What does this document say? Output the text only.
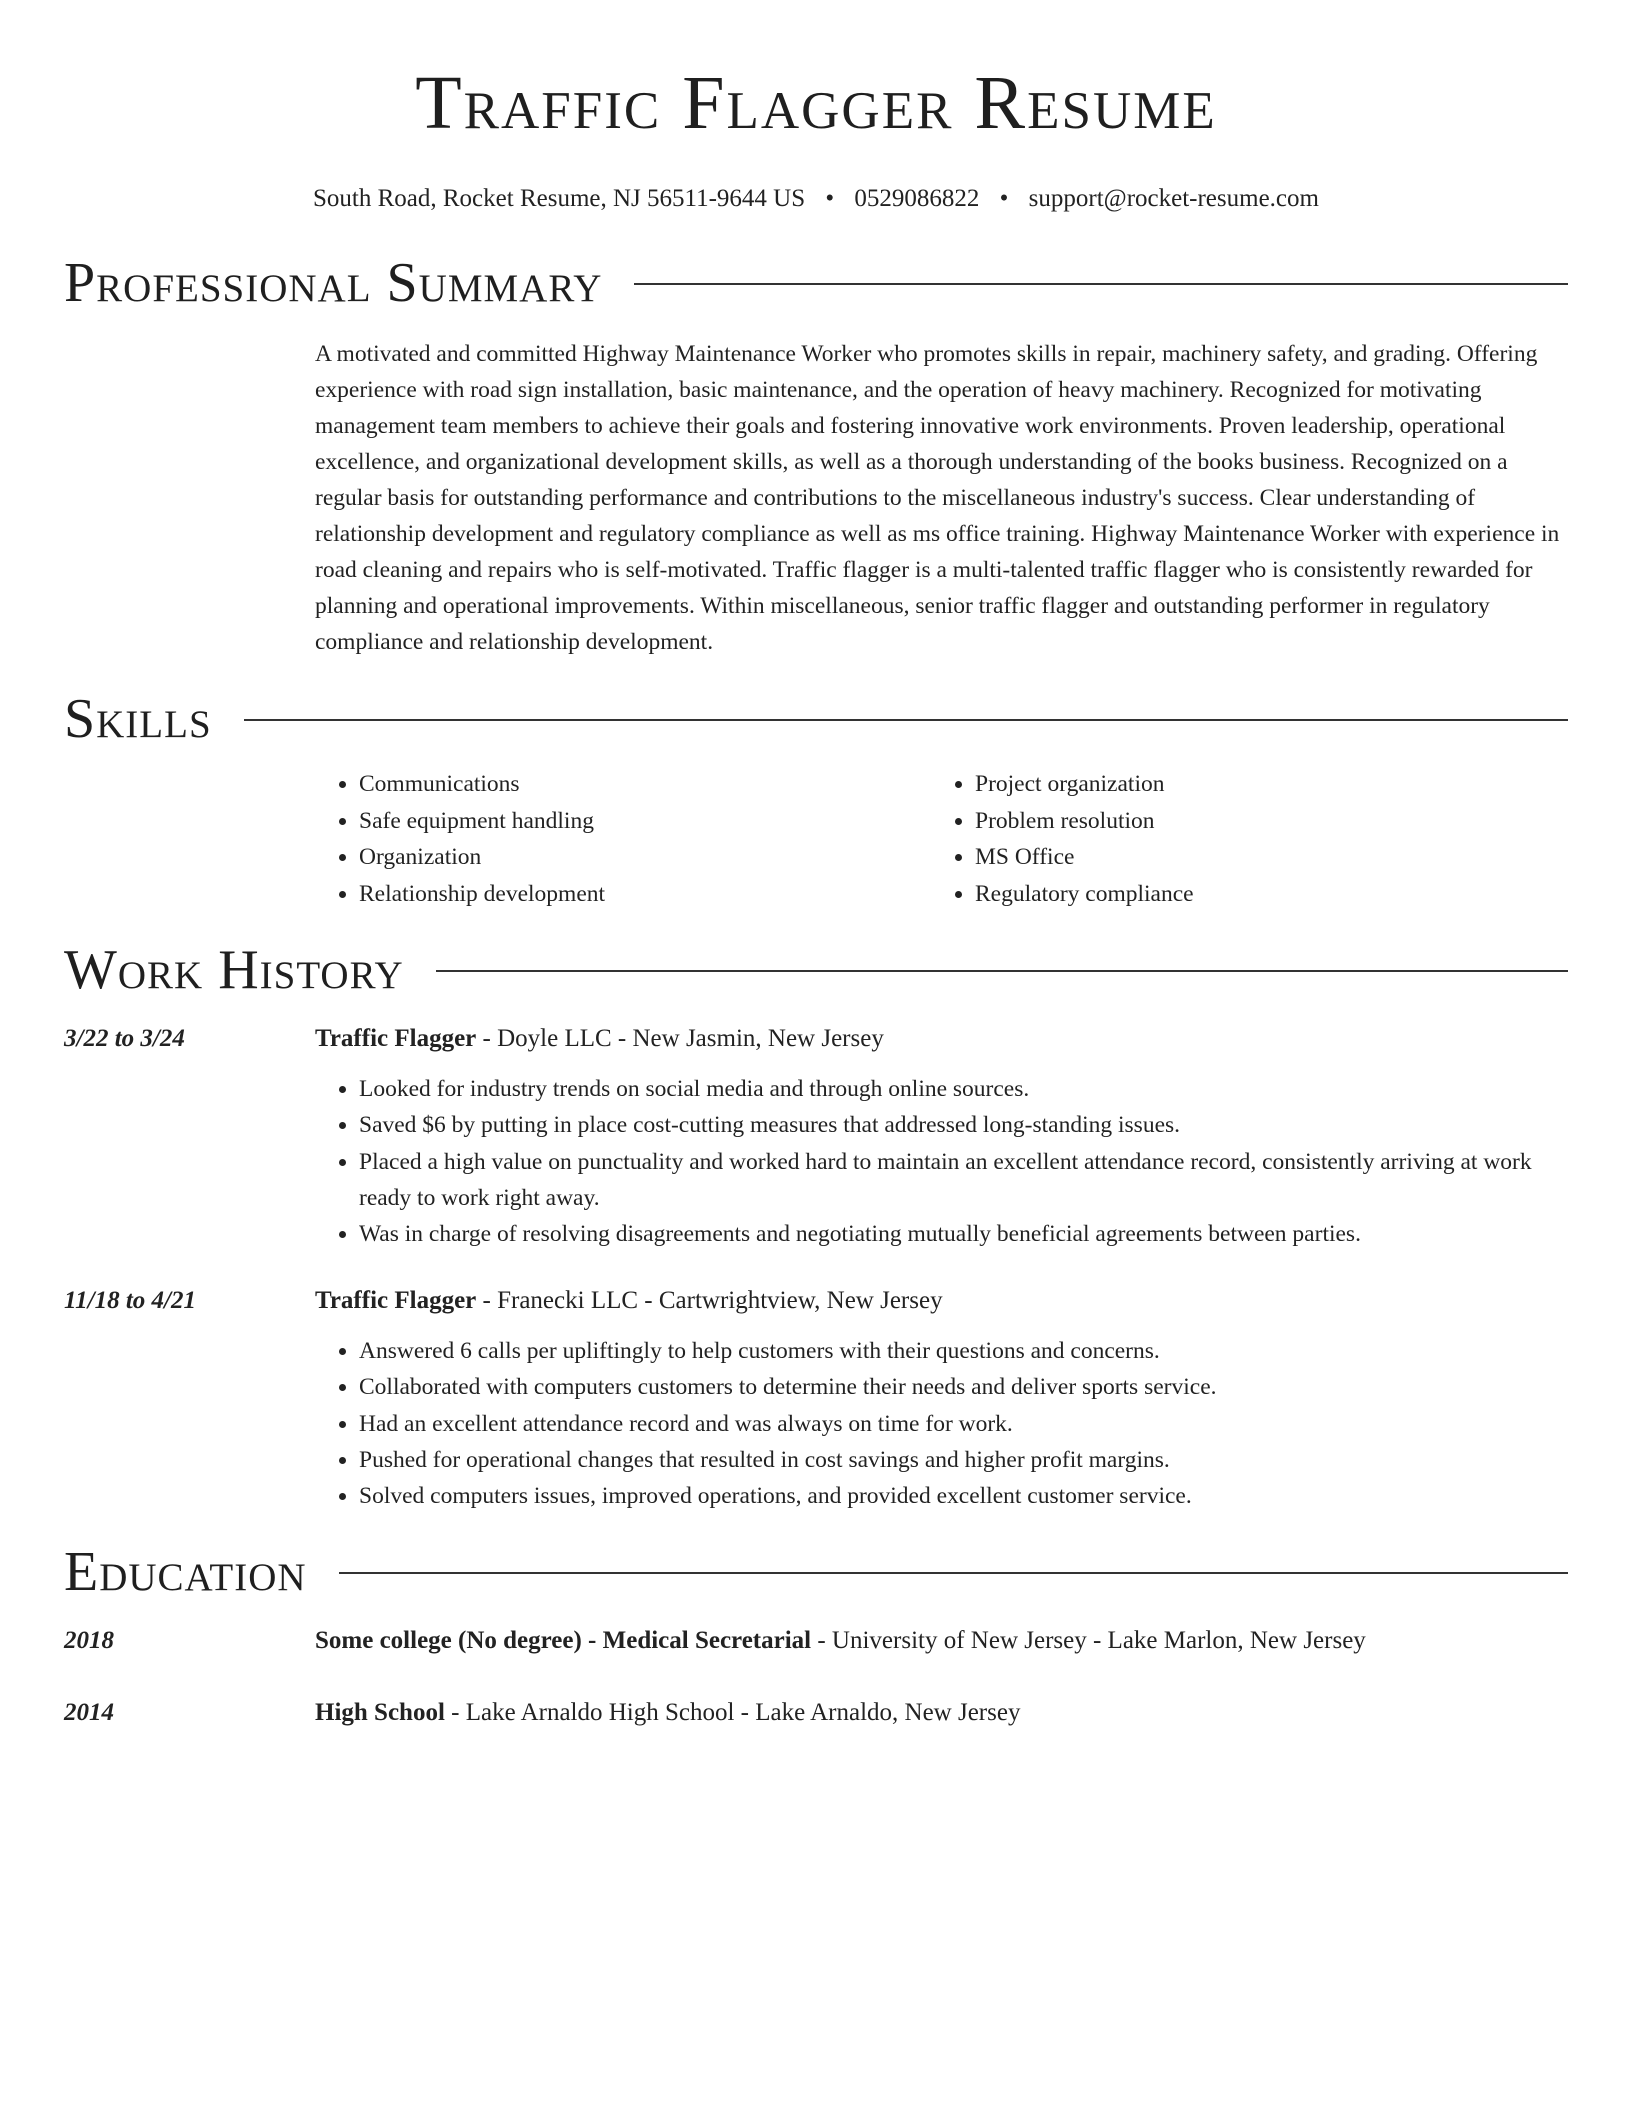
Traffic Flagger Resume
South Road, Rocket Resume, NJ 56511-9644 US • 0529086822 • support@rocket-resume.com
Professional Summary
A motivated and committed Highway Maintenance Worker who promotes skills in repair, machinery safety, and grading. Offering experience with road sign installation, basic maintenance, and the operation of heavy machinery. Recognized for motivating management team members to achieve their goals and fostering innovative work environments. Proven leadership, operational excellence, and organizational development skills, as well as a thorough understanding of the books business. Recognized on a regular basis for outstanding performance and contributions to the miscellaneous industry's success. Clear understanding of relationship development and regulatory compliance as well as ms office training. Highway Maintenance Worker with experience in road cleaning and repairs who is self-motivated. Traffic flagger is a multi-talented traffic flagger who is consistently rewarded for planning and operational improvements. Within miscellaneous, senior traffic flagger and outstanding performer in regulatory compliance and relationship development.
Skills
• Communications
• Safe equipment handling
• Organization
• Relationship development
• Project organization
• Problem resolution
• MS Office
• Regulatory compliance
Work History
3/22 to 3/24	Traffic Flagger - Doyle LLC - New Jasmin, New Jersey
• Looked for industry trends on social media and through online sources.
• Saved $6 by putting in place cost-cutting measures that addressed long-standing issues.
• Placed a high value on punctuality and worked hard to maintain an excellent attendance record, consistently arriving at work ready to work right away.
• Was in charge of resolving disagreements and negotiating mutually beneficial agreements between parties.
11/18 to 4/21	Traffic Flagger - Franecki LLC - Cartwrightview, New Jersey
• Answered 6 calls per upliftingly to help customers with their questions and concerns.
• Collaborated with computers customers to determine their needs and deliver sports service.
• Had an excellent attendance record and was always on time for work.
• Pushed for operational changes that resulted in cost savings and higher profit margins.
• Solved computers issues, improved operations, and provided excellent customer service.
Education
2018	Some college (No degree) - Medical Secretarial - University of New Jersey - Lake Marlon, New Jersey
2014	High School - Lake Arnaldo High School - Lake Arnaldo, New Jersey
